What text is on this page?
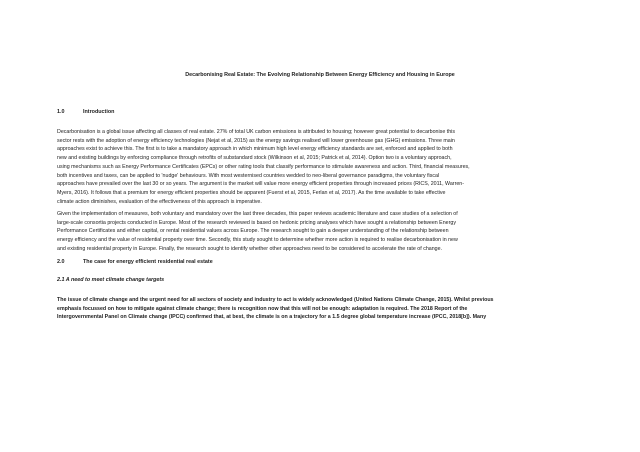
Decarbonising Real Estate: The Evolving Relationship Between Energy Efficiency and Housing in Europe
1.0	Introduction
Decarbonisation is a global issue affecting all classes of real estate. 27% of total UK carbon emissions is attributed to housing; however great potential to decarbonise this
sector rests with the adoption of energy efficiency technologies (Nejat et al, 2015) as the energy savings realised will lower greenhouse gas (GHG) emissions. Three main
approaches exist to achieve this. The first is to take a mandatory approach in which minimum high level energy efficiency standards are set, enforced and applied to both
new and existing buildings by enforcing compliance through retrofits of substandard stock (Wilkinson et al, 2015; Patrick et al, 2014). Option two is a voluntary approach,
using mechanisms such as Energy Performance Certificates (EPCs) or other rating tools that classify performance to stimulate awareness and action. Third, financial measures,
both incentives and taxes, can be applied to 'nudge' behaviours. With most westernised countries wedded to neo-liberal governance paradigms, the voluntary fiscal
approaches have prevailed over the last 30 or so years. The argument is the market will value more energy efficient properties through increased prices (RICS, 2011, Warren-
Myers, 2016). It follows that a premium for energy efficient properties should be apparent (Fuerst et al, 2015, Ferlan et al, 2017). As the time available to take effective
climate action diminishes, evaluation of the effectiveness of this approach is imperative.
Given the implementation of measures, both voluntary and mandatory over the last three decades, this paper reviews academic literature and case studies of a selection of
large-scale consortia projects conducted in Europe. Most of the research reviewed is based on hedonic pricing analyses which have sought a relationship between Energy
Performance Certificates and either capital, or rental residential values across Europe. The research sought to gain a deeper understanding of the relationship between
energy efficiency and the value of residential property over time. Secondly, this study sought to determine whether more action is required to realise decarbonisation in new
and existing residential property in Europe. Finally, the research sought to identify whether other approaches need to be considered to accelerate the rate of change.
2.0	The case for energy efficient residential real estate
2.1 A need to meet climate change targets
The issue of climate change and the urgent need for all sectors of society and industry to act is widely acknowledged (United Nations Climate Change, 2015). Whilst previous
emphasis focussed on how to mitigate against climate change; there is recognition now that this will not be enough: adaptation is required. The 2018 Report of the
Intergovernmental Panel on Climate change (IPCC) confirmed that, at best, the climate is on a trajectory for a 1.5 degree global temperature increase (IPCC, 2018[b]). Many
